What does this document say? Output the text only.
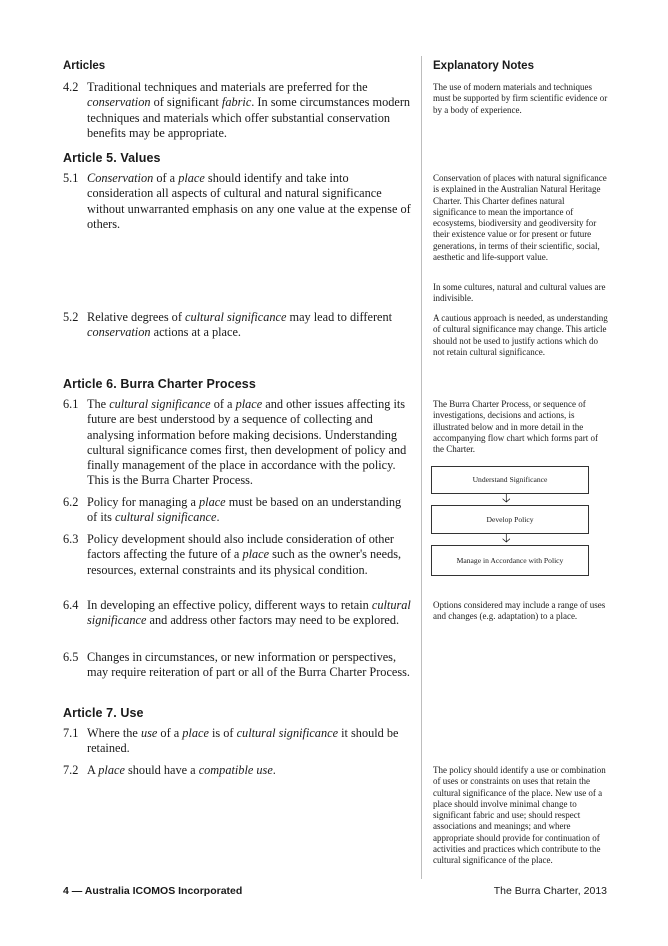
Articles	Explanatory Notes
4.2 Traditional techniques and materials are preferred for the conservation of significant fabric. In some circumstances modern techniques and materials which offer substantial conservation benefits may be appropriate.
The use of modern materials and techniques must be supported by firm scientific evidence or by a body of experience.
Article 5. Values
5.1 Conservation of a place should identify and take into consideration all aspects of cultural and natural significance without unwarranted emphasis on any one value at the expense of others.
Conservation of places with natural significance is explained in the Australian Natural Heritage Charter. This Charter defines natural significance to mean the importance of ecosystems, biodiversity and geodiversity for their existence value or for present or future generations, in terms of their scientific, social, aesthetic and life-support value.
In some cultures, natural and cultural values are indivisible.
5.2 Relative degrees of cultural significance may lead to different conservation actions at a place.
A cautious approach is needed, as understanding of cultural significance may change. This article should not be used to justify actions which do not retain cultural significance.
Article 6. Burra Charter Process
6.1 The cultural significance of a place and other issues affecting its future are best understood by a sequence of collecting and analysing information before making decisions. Understanding cultural significance comes first, then development of policy and finally management of the place in accordance with the policy. This is the Burra Charter Process.
The Burra Charter Process, or sequence of investigations, decisions and actions, is illustrated below and in more detail in the accompanying flow chart which forms part of the Charter.
Understand Significance
🡣
Develop Policy
🡣
Manage in Accordance with Policy
6.2 Policy for managing a place must be based on an understanding of its cultural significance.
6.3 Policy development should also include consideration of other factors affecting the future of a place such as the owner's needs, resources, external constraints and its physical condition.
6.4 In developing an effective policy, different ways to retain cultural significance and address other factors may need to be explored.
Options considered may include a range of uses and changes (e.g. adaptation) to a place.
6.5 Changes in circumstances, or new information or perspectives, may require reiteration of part or all of the Burra Charter Process.
Article 7. Use
7.1 Where the use of a place is of cultural significance it should be retained.
7.2 A place should have a compatible use.	The policy should identify a use or combination of uses or constraints on uses that retain the cultural significance of the place. New use of a place should involve minimal change to significant fabric and use; should respect associations and meanings; and where appropriate should provide for continuation of activities and practices which contribute to the cultural significance of the place.
4 — Australia ICOMOS Incorporated	The Burra Charter, 2013
